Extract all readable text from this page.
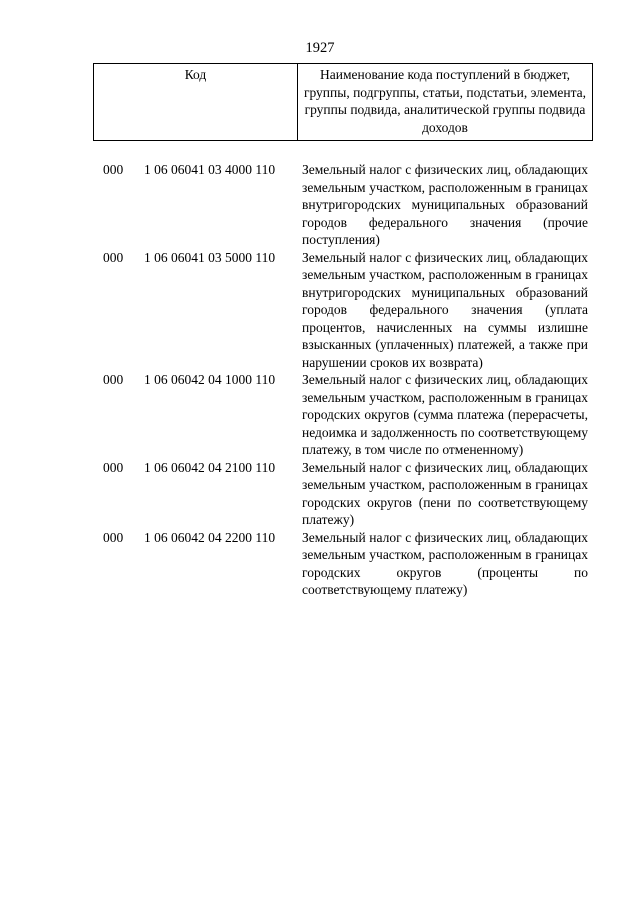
1927
Код	Наименование кода поступлений в бюджет, группы, подгруппы, статьи, подстатьи, элемента, группы подвида, аналитической группы подвида доходов
000 1 06 06041 03 4000 110 Земельный налог с физических лиц, обладающих земельным участком, расположенным в границах внутригородских муниципальных образований городов федерального значения (прочие поступления)
000 1 06 06041 03 5000 110 Земельный налог с физических лиц, обладающих земельным участком, расположенным в границах внутригородских муниципальных образований городов федерального значения (уплата процентов, начисленных на суммы излишне взысканных (уплаченных) платежей, а также при нарушении сроков их возврата)
000 1 06 06042 04 1000 110 Земельный налог с физических лиц, обладающих земельным участком, расположенным в границах городских округов (сумма платежа (перерасчеты, недоимка и задолженность по соответствующему платежу, в том числе по отмененному)
000 1 06 06042 04 2100 110 Земельный налог с физических лиц, обладающих земельным участком, расположенным в границах городских округов (пени по соответствующему платежу)
000 1 06 06042 04 2200 110 Земельный налог с физических лиц, обладающих земельным участком, расположенным в границах городских округов (проценты по соответствующему платежу)
